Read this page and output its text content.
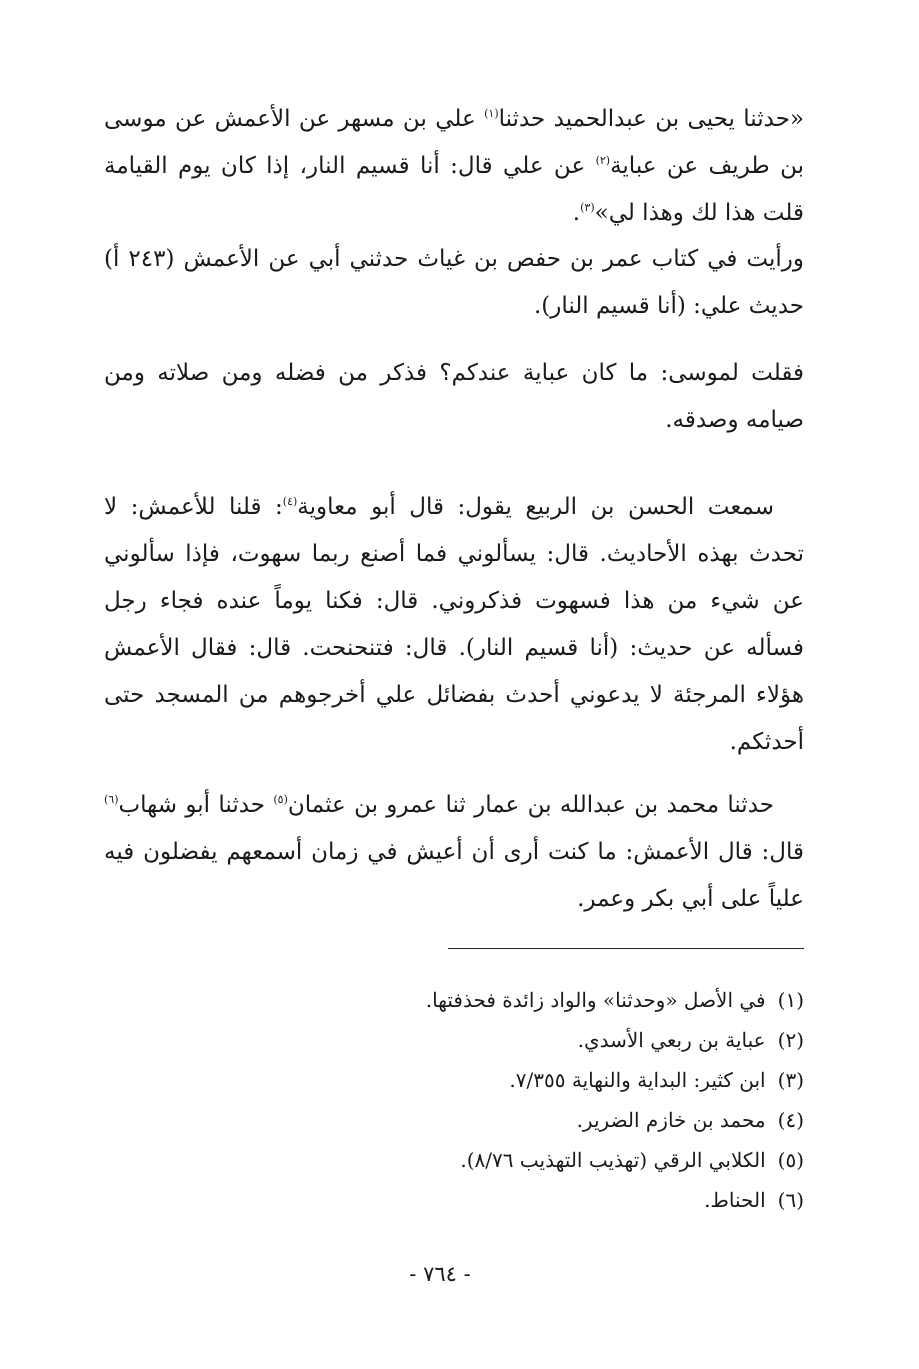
«حدثنا يحيى بن عبدالحميد حدثنا$^{(١)}$ علي بن مسهر عن الأعمش عن موسى بن طريف عن عباية$^{(٢)}$ عن علي قال: أنا قسيم النار، إذا كان يوم القيامة قلت هذا لك وهذا لي»$^{(٣)}$.

ورأيت في كتاب عمر بن حفص بن غياث حدثني أبي عن الأعمش (٢٤٣ أ) حديث علي: (أنا قسيم النار).

فقلت لموسى: ما كان عباية عندكم؟ فذكر من فضله ومن صلاته ومن صيامه وصدقه.

سمعت الحسن بن الربيع يقول: قال أبو معاوية$^{(٤)}$: قلنا للأعمش: لا تحدث بهذه الأحاديث. قال: يسألوني فما أصنع ربما سهوت، فإذا سألوني عن شيء من هذا فسهوت فذكروني. قال: فكنا يوماً عنده فجاء رجل فسأله عن حديث: (أنا قسيم النار). قال: فتنحنحت. قال: فقال الأعمش هؤلاء المرجئة لا يدعوني أحدث بفضائل علي أخرجوهم من المسجد حتى أحدثكم.

حدثنا محمد بن عبدالله بن عمار ثنا عمرو بن عثمان$^{(٥)}$ حدثنا أبو شهاب$^{(٦)}$ قال: قال الأعمش: ما كنت أرى أن أعيش في زمان أسمعهم يفضلون فيه علياً على أبي بكر وعمر.

(١)في الأصل «وحدثنا» والواد زائدة فحذفتها.
(٢)عباية بن ربعي الأسدي.
(٣)ابن كثير: البداية والنهاية ٧/٣٥٥.
(٤)محمد بن خازم الضرير.
(٥)الكلابي الرقي (تهذيب التهذيب ٨/٧٦).
(٦)الحناط.
- ٧٦٤ -
